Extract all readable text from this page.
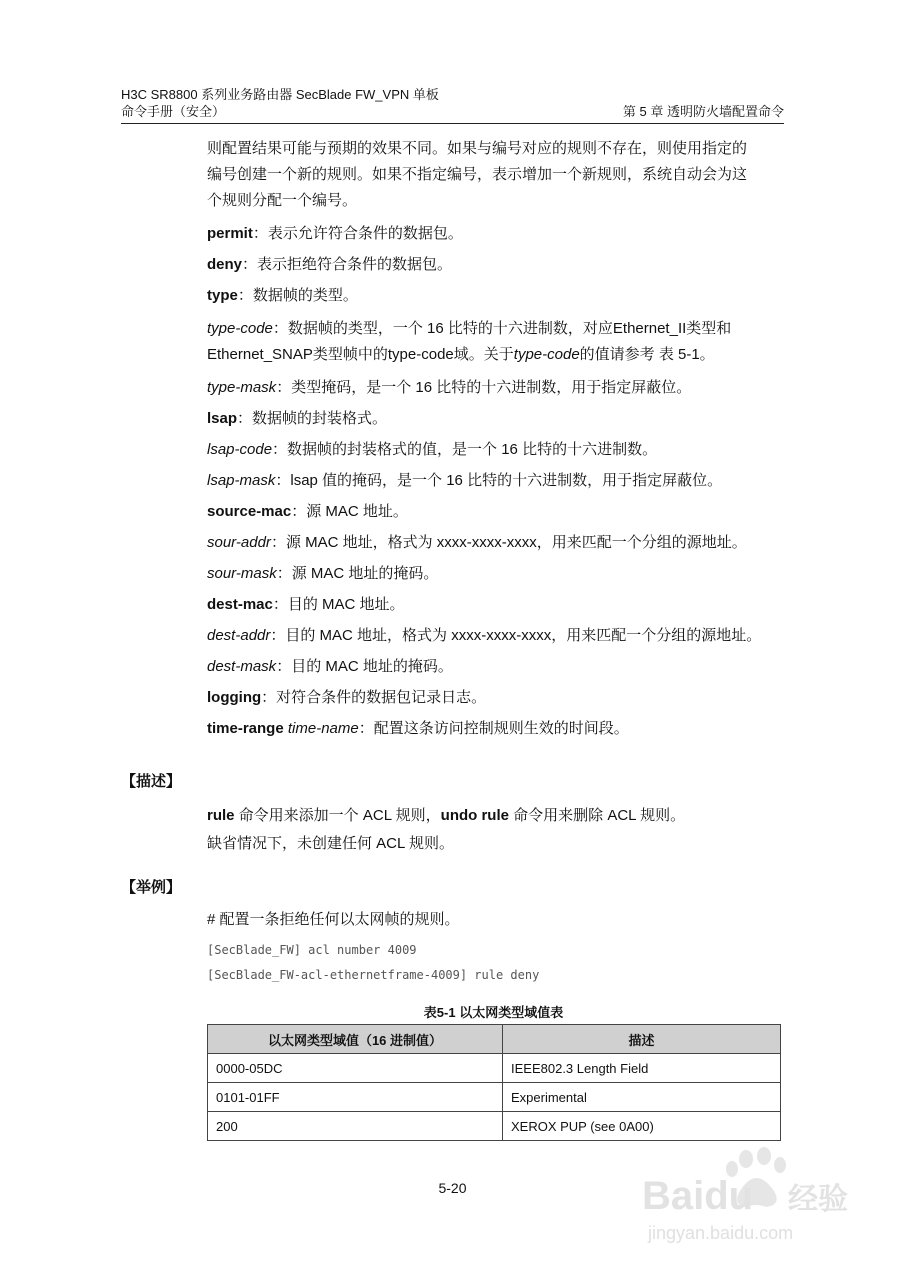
H3C SR8800 系列业务路由器 SecBlade FW_VPN 单板
命令手册（安全）	第 5 章 透明防火墙配置命令

则配置结果可能与预期的效果不同。如果与编号对应的规则不存在，则使用指定的

编号创建一个新的规则。如果不指定编号，表示增加一个新规则，系统自动会为这

个规则分配一个编号。

permit：表示允许符合条件的数据包。

deny：表示拒绝符合条件的数据包。

type：数据帧的类型。

type-code：数据帧的类型，一个 16 比特的十六进制数，对应Ethernet_II类型和
Ethernet_SNAP类型帧中的type-code域。关于type-code的值请参考 表 5-1。

type-mask：类型掩码，是一个 16 比特的十六进制数，用于指定屏蔽位。

lsap：数据帧的封装格式。

lsap-code：数据帧的封装格式的值，是一个 16 比特的十六进制数。

lsap-mask：lsap 值的掩码，是一个 16 比特的十六进制数，用于指定屏蔽位。

source-mac：源 MAC 地址。

sour-addr：源 MAC 地址，格式为 xxxx-xxxx-xxxx，用来匹配一个分组的源地址。

sour-mask：源 MAC 地址的掩码。

dest-mac：目的 MAC 地址。

dest-addr：目的 MAC 地址，格式为 xxxx-xxxx-xxxx，用来匹配一个分组的源地址。

dest-mask：目的 MAC 地址的掩码。

logging：对符合条件的数据包记录日志。

time-range time-name：配置这条访问控制规则生效的时间段。

【描述】
rule 命令用来添加一个 ACL 规则，undo rule 命令用来删除 ACL 规则。
缺省情况下，未创建任何 ACL 规则。
【举例】
# 配置一条拒绝任何以太网帧的规则。
[SecBlade_FW] acl number 4009
[SecBlade_FW-acl-ethernetframe-4009] rule deny
表5-1 以太网类型域值表
以太网类型域值（16 进制值）	描述
0000-05DC	IEEE802.3 Length Field
0101-01FF	Experimental
200	XEROX PUP (see 0A00)
5-20	Baidu 经验
jingyan.baidu.com
